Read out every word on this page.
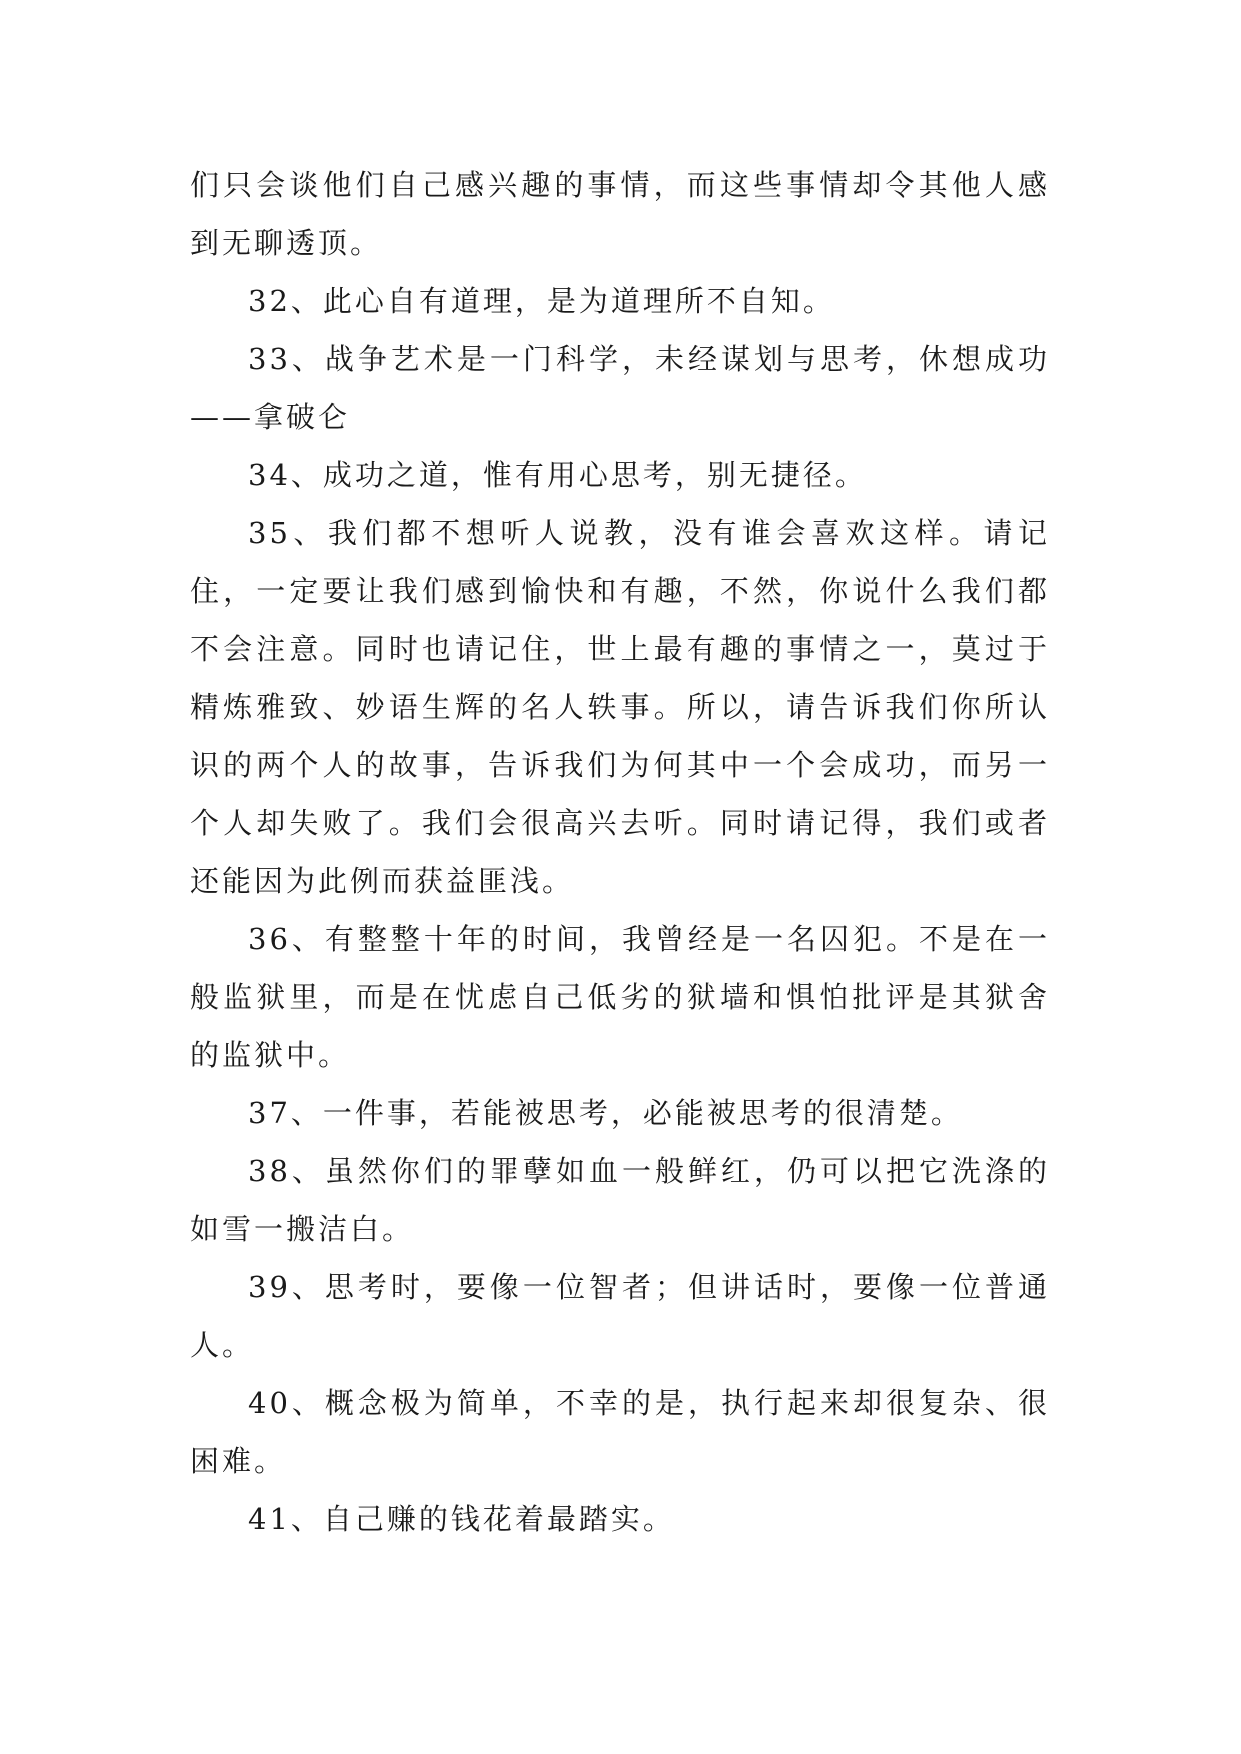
们只会谈他们自己感兴趣的事情，而这些事情却令其他人感到无聊透顶。

32、此心自有道理，是为道理所不自知。

33、战争艺术是一门科学，未经谋划与思考，休想成功——拿破仑

34、成功之道，惟有用心思考，别无捷径。

35、我们都不想听人说教，没有谁会喜欢这样。请记住，一定要让我们感到愉快和有趣，不然，你说什么我们都不会注意。同时也请记住，世上最有趣的事情之一，莫过于精炼雅致、妙语生辉的名人轶事。所以，请告诉我们你所认识的两个人的故事，告诉我们为何其中一个会成功，而另一个人却失败了。我们会很高兴去听。同时请记得，我们或者还能因为此例而获益匪浅。

36、有整整十年的时间，我曾经是一名囚犯。不是在一般监狱里，而是在忧虑自己低劣的狱墙和惧怕批评是其狱舍的监狱中。

37、一件事，若能被思考，必能被思考的很清楚。

38、虽然你们的罪孽如血一般鲜红，仍可以把它洗涤的如雪一搬洁白。

39、思考时，要像一位智者；但讲话时，要像一位普通人。

40、概念极为简单，不幸的是，执行起来却很复杂、很困难。

41、自己赚的钱花着最踏实。
